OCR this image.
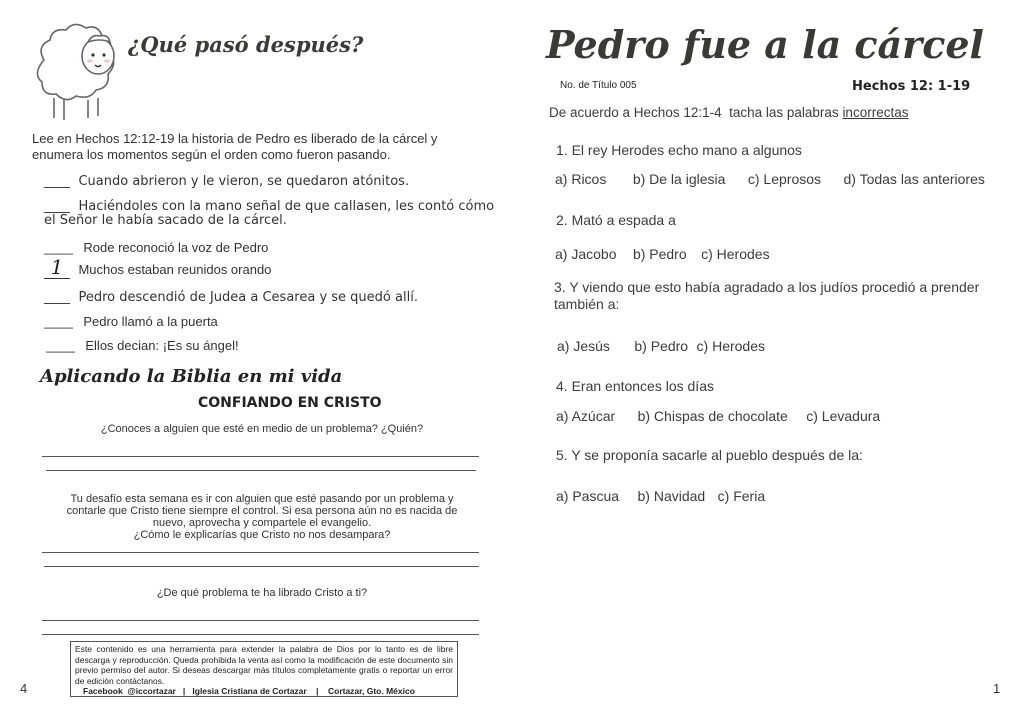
¿Qué pasó después?
Lee en Hechos 12:12-19 la historia de Pedro es liberado de la cárcel y enumera los momentos según el orden como fueron pasando.
____ Cuando abrieron y le vieron, se quedaron atónitos.
____ Haciéndoles con la mano señal de que callasen, les contó cómo
el Señor le había sacado de la cárcel.
____ Rode reconoció la voz de Pedro
1 Muchos estaban reunidos orando
____ Pedro descendió de Judea a Cesarea y se quedó allí.
____ Pedro llamó a la puerta
____ Ellos decian: ¡Es su ángel!
Aplicando la Biblia en mi vida
CONFIANDO EN CRISTO
¿Conoces a alguien que esté en medio de un problema? ¿Quién?
Tu desafío esta semana es ir con alguien que esté pasando por un problema y
contarle que Cristo tiene siempre el control. Si esa persona aún no es nacida de
nuevo, aprovecha y compartele el evangelio.
¿Cómo le explicarías que Cristo no nos desampara?
¿De qué problema te ha librado Cristo a ti?

Este contenido es una herramienta para extender la palabra de Dios por lo tanto es de libre descarga y reproducción. Queda prohibida la venta así como la modificación de este documento sin previo permiso del autor. Si deseas descargar más títulos completamente gratis o reportar un error de edición contáctanos.

Facebook  @iccortazar   |   Iglesia Cristiana de Cortazar    |    Cortazar, Gto. México
4
Pedro fue a la cárcel
No. de Título 005	Hechos 12: 1-19
De acuerdo a Hechos 12:1-4  tacha las palabras incorrectas
1. El rey Herodes echo mano a algunos
a) Ricos b) De la iglesia c) Leprosos d) Todas las anteriores
2. Mató a espada a
a) Jacobo b) Pedro c) Herodes
3. Y viendo que esto había agradado a los judíos procedió a prender
también a:
a) Jesús b) Pedro c) Herodes
4. Eran entonces los días
a) Azúcar b) Chispas de chocolate c) Levadura
5. Y se proponía sacarle al pueblo después de la:
a) Pascua b) Navidad c) Feria
1
